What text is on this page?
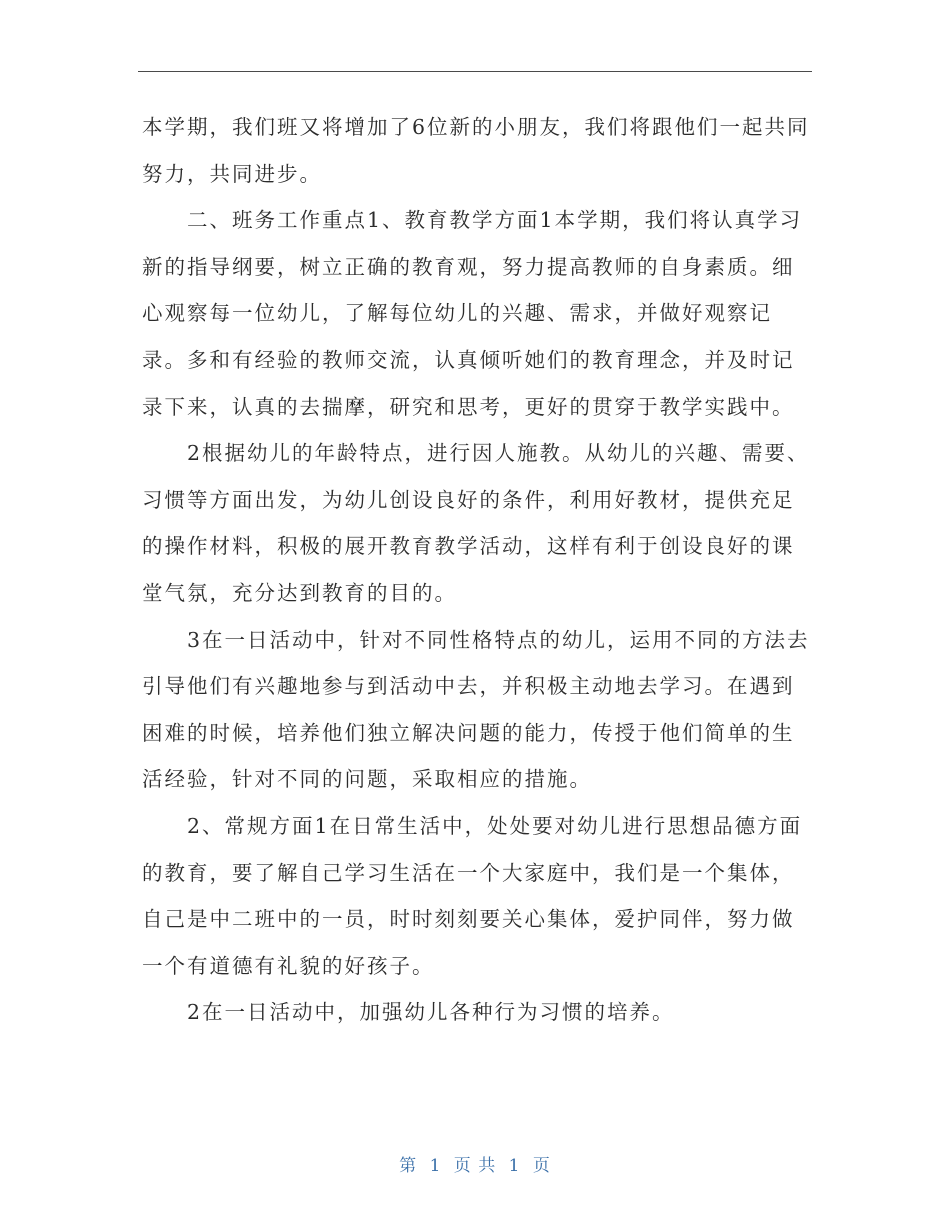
本学期，我们班又将增加了6位新的小朋友，我们将跟他们一起共同努力，共同进步。

二、班务工作重点1、教育教学方面1本学期，我们将认真学习新的指导纲要，树立正确的教育观，努力提高教师的自身素质。细心观察每一位幼儿，了解每位幼儿的兴趣、需求，并做好观察记录。多和有经验的教师交流，认真倾听她们的教育理念，并及时记录下来，认真的去揣摩，研究和思考，更好的贯穿于教学实践中。

2根据幼儿的年龄特点，进行因人施教。从幼儿的兴趣、需要、习惯等方面出发，为幼儿创设良好的条件，利用好教材，提供充足的操作材料，积极的展开教育教学活动，这样有利于创设良好的课堂气氛，充分达到教育的目的。

3在一日活动中，针对不同性格特点的幼儿，运用不同的方法去引导他们有兴趣地参与到活动中去，并积极主动地去学习。在遇到困难的时候，培养他们独立解决问题的能力，传授于他们简单的生活经验，针对不同的问题，采取相应的措施。

2、常规方面1在日常生活中，处处要对幼儿进行思想品德方面的教育，要了解自己学习生活在一个大家庭中，我们是一个集体，自己是中二班中的一员，时时刻刻要关心集体，爱护同伴，努力做一个有道德有礼貌的好孩子。

2在一日活动中，加强幼儿各种行为习惯的培养。

第 1 页 共 1 页
